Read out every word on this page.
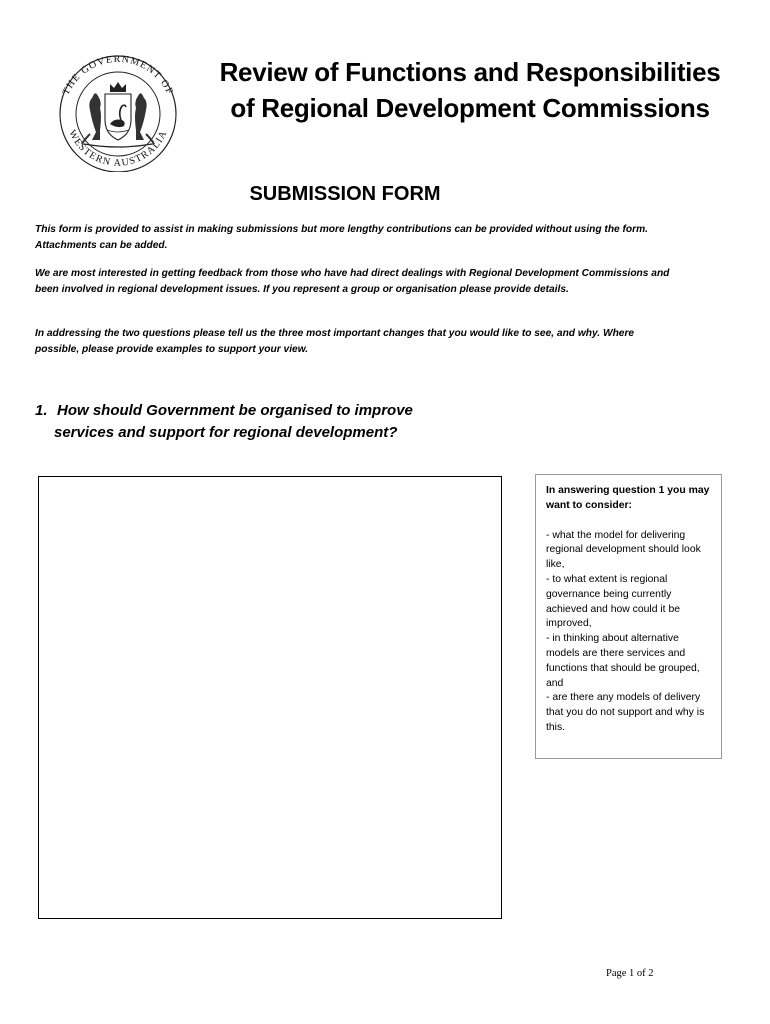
THE GOVERNMENT OF
WESTERN AUSTRALIA
Review of Functions and Responsibilities
of Regional Development Commissions
SUBMISSION FORM

This form is provided to assist in making submissions but more lengthy contributions can be provided without using the form. Attachments can be added.

We are most interested in getting feedback from those who have had direct dealings with Regional Development Commissions and been involved in regional development issues. If you represent a group or organisation please provide details.

In addressing the two questions please tell us the three most important changes that you would like to see, and why. Where possible, please provide examples to support your view.

1. How should Government be organised to improve
services and support for regional development?

In answering question 1 you may want to consider:

- what the model for delivering regional development should look like,

- to what extent is regional governance being currently achieved and how could it be improved,

- in thinking about alternative models are there services and functions that should be grouped, and

- are there any models of delivery that you do not support and why is this.

Page 1 of 2
